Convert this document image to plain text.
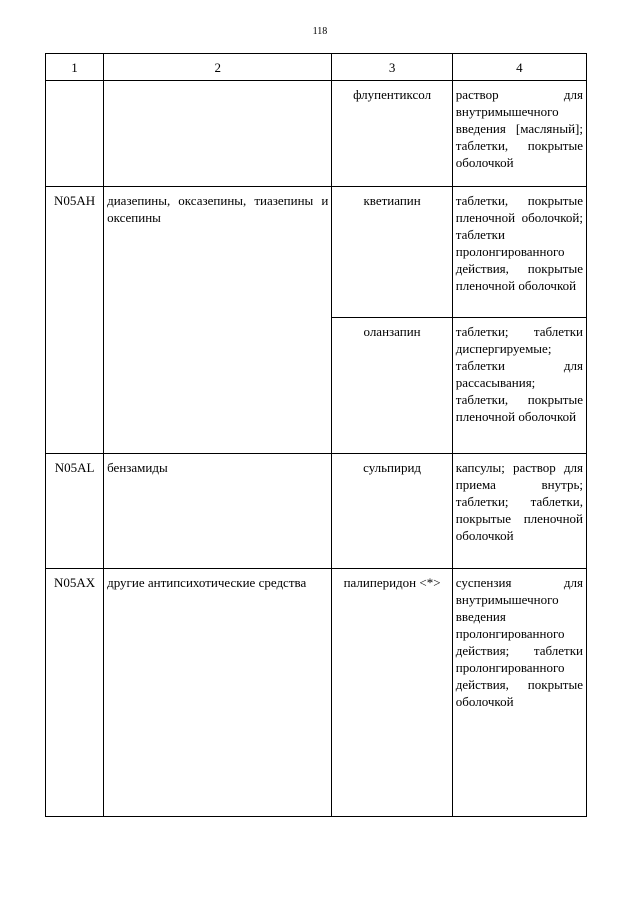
118
1	2	3	4
		флупентиксол	раствор для внутримышечного введения [масляный]; таблетки, покрытые оболочкой
N05AH	диазепины, оксазепины, тиазепины и оксепины	кветиапин	таблетки, покрытые пленочной оболочкой; таблетки пролонгированного действия, покрытые пленочной оболочкой
		оланзапин	таблетки; таблетки диспергируемые; таблетки для рассасывания; таблетки, покрытые пленочной оболочкой
N05AL	бензамиды	сульпирид	капсулы; раствор для приема внутрь; таблетки; таблетки, покрытые пленочной оболочкой
N05AX	другие антипсихотические средства	палиперидон <*>	суспензия для внутримышечного введения пролонгированного действия; таблетки пролонгированного действия, покрытые оболочкой
